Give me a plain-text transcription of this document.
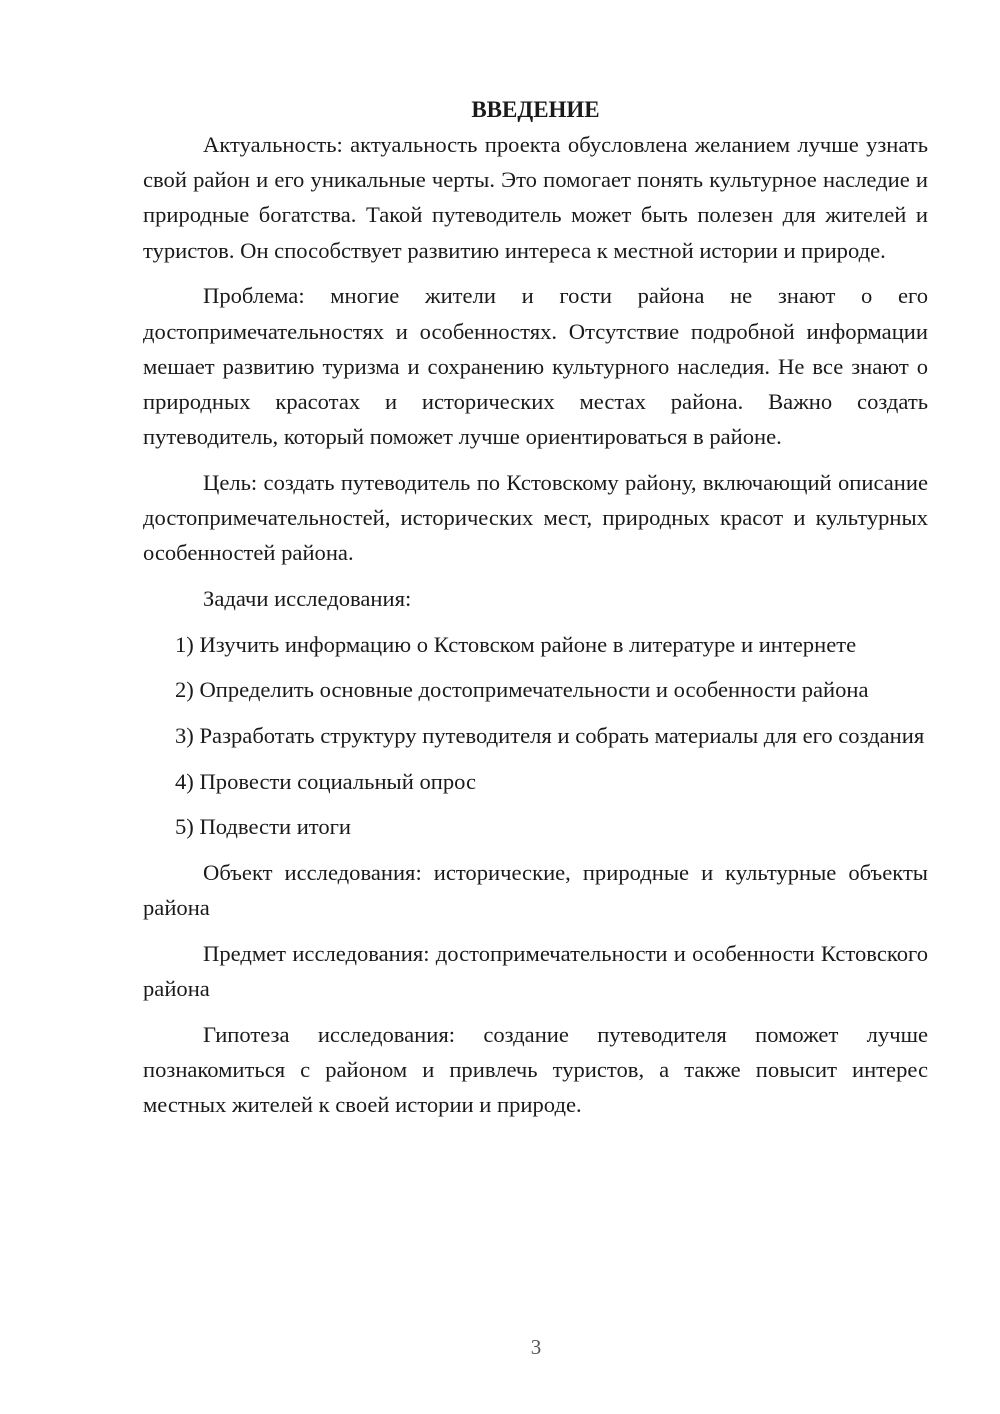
ВВЕДЕНИЕ

Актуальность: актуальность проекта обусловлена желанием лучше узнать свой район и его уникальные черты. Это помогает понять культурное наследие и природные богатства. Такой путеводитель может быть полезен для жителей и туристов. Он способствует развитию интереса к местной истории и природе.

Проблема: многие жители и гости района не знают о его достопримечательностях и особенностях. Отсутствие подробной информации мешает развитию туризма и сохранению культурного наследия. Не все знают о природных красотах и исторических местах района. Важно создать путеводитель, который поможет лучше ориентироваться в районе.

Цель: создать путеводитель по Кстовскому району, включающий описание достопримечательностей, исторических мест, природных красот и культурных особенностей района.

Задачи исследования:

1) Изучить информацию о Кстовском районе в литературе и интернете

2) Определить основные достопримечательности и особенности района

3) Разработать структуру путеводителя и собрать материалы для его создания

4) Провести социальный опрос

5) Подвести итоги

Объект исследования: исторические, природные и культурные объекты района

Предмет исследования: достопримечательности и особенности Кстовского района

Гипотеза исследования: создание путеводителя поможет лучше познакомиться с районом и привлечь туристов, а также повысит интерес местных жителей к своей истории и природе.

3
